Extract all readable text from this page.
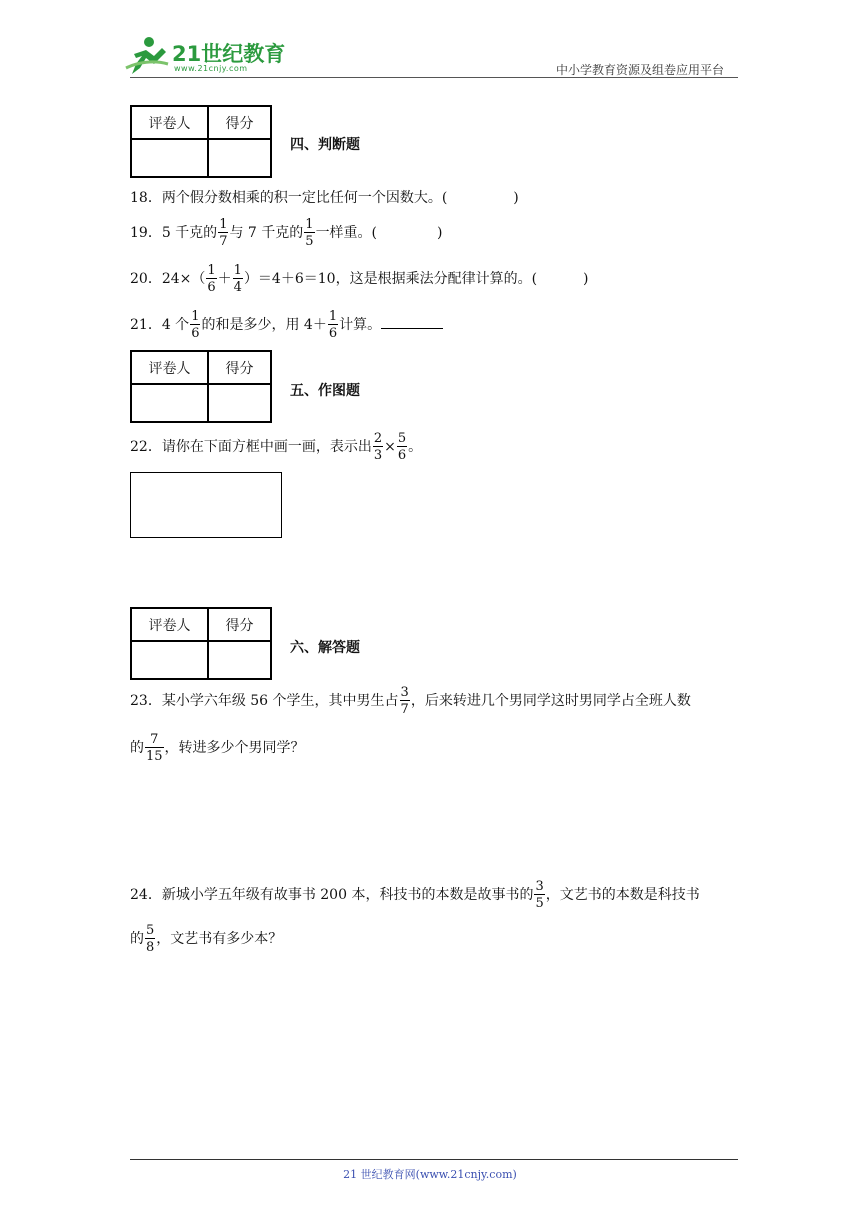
21世纪教育
www.21cnjy.com	中小学教育资源及组卷应用平台
评卷人	得分

四、判断题
18．两个假分数相乘的积一定比任何一个因数大。(	)
19．5 千克的 $\frac{1}{7}$ 与 7 千克的 $\frac{1}{5}$ 一样重。(	)
20．$24\times( \frac{1}{6} + \frac{1}{4} )=4+6=10$，这是根据乘法分配律计算的。(	)
21．4 个 $\frac{1}{6}$ 的和是多少，用 $4+ \frac{1}{6}$ 计算。
评卷人	得分

五、作图题
22．请你在下面方框中画一画，表示出 $\frac{2}{3} \times \frac{5}{6}$ 。
评卷人	得分

六、解答题
23．某小学六年级 56 个学生，其中男生占 $\frac{3}{7}$ ，后来转进几个男同学这时男同学占全班人数
的 $\frac{7}{15}$ ，转进多少个男同学？
24．新城小学五年级有故事书 200 本，科技书的本数是故事书的 $\frac{3}{5}$ ，文艺书的本数是科技书
的 $\frac{5}{8}$ ，文艺书有多少本？
21 世纪教育网(www.21cnjy.com)
